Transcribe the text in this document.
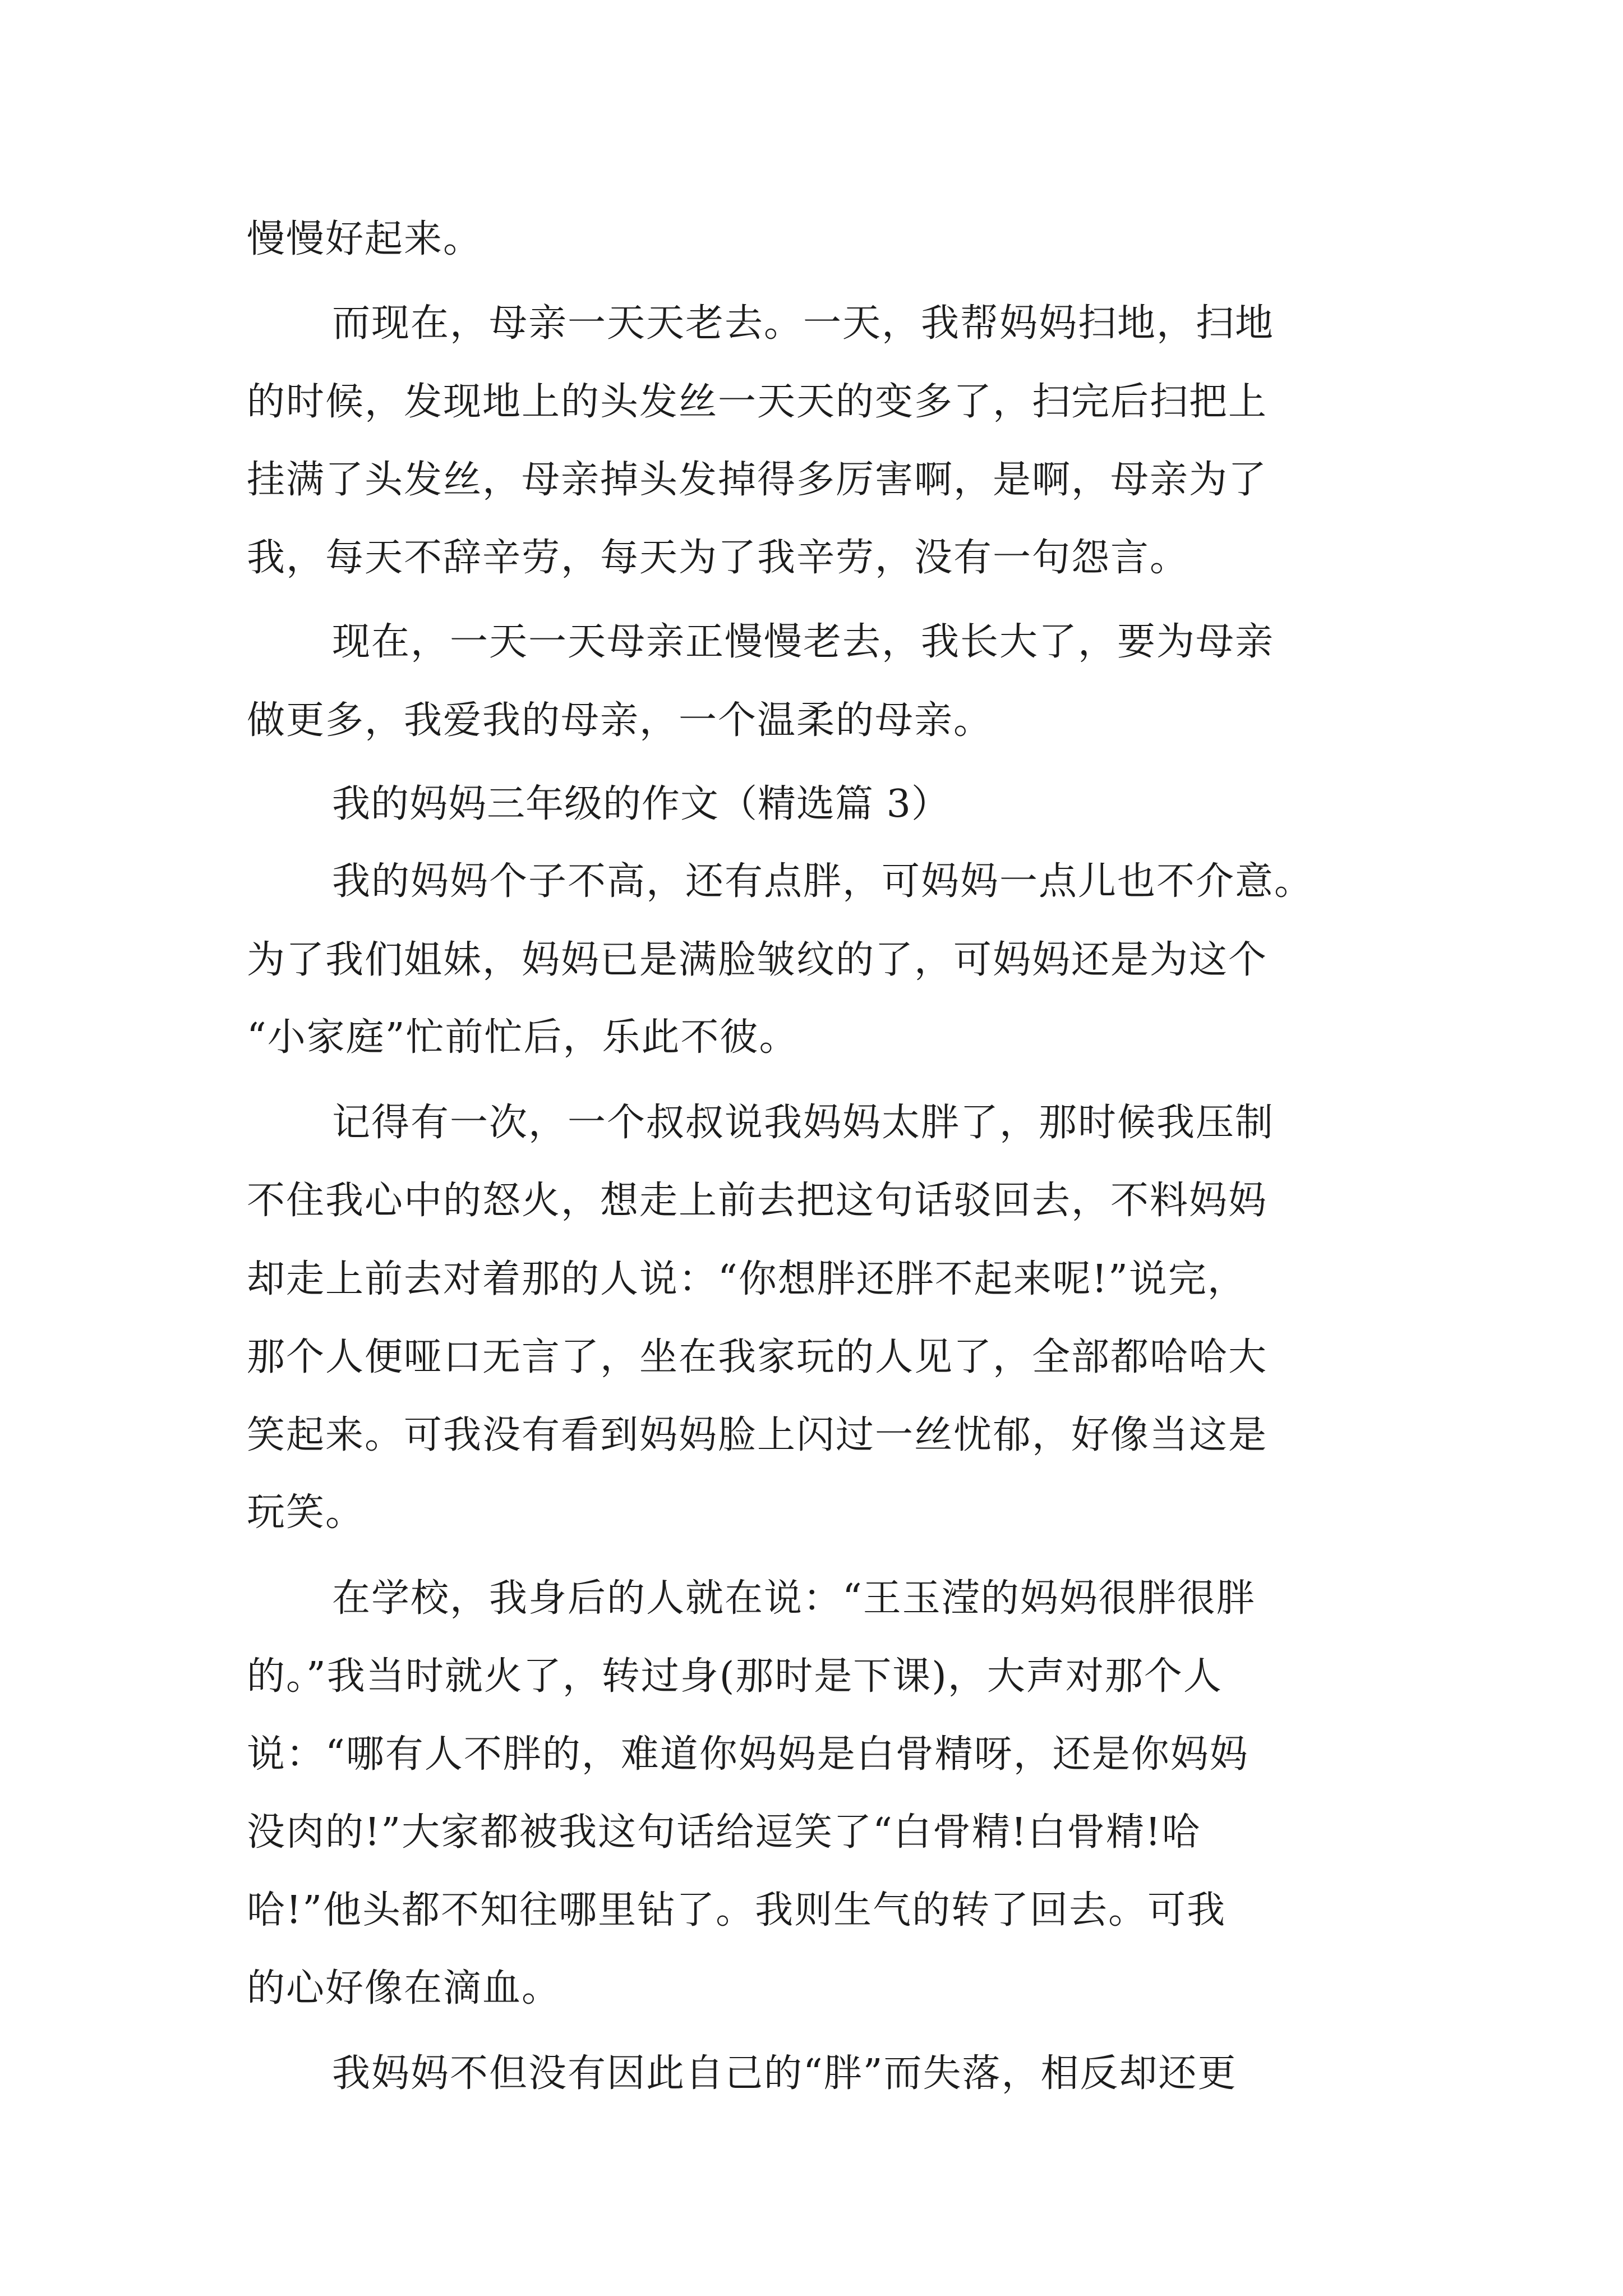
慢慢好起来。
而现在，母亲一天天老去。一天，我帮妈妈扫地，扫地
的时候，发现地上的头发丝一天天的变多了，扫完后扫把上
挂满了头发丝，母亲掉头发掉得多厉害啊，是啊，母亲为了
我，每天不辞辛劳，每天为了我辛劳，没有一句怨言。
现在，一天一天母亲正慢慢老去，我长大了，要为母亲
做更多，我爱我的母亲，一个温柔的母亲。
我的妈妈三年级的作文（精选篇 3）
我的妈妈个子不高，还有点胖，可妈妈一点儿也不介意。
为了我们姐妹，妈妈已是满脸皱纹的了，可妈妈还是为这个
“小家庭”忙前忙后，乐此不彼。
记得有一次，一个叔叔说我妈妈太胖了，那时候我压制
不住我心中的怒火，想走上前去把这句话驳回去，不料妈妈
却走上前去对着那的人说：“你想胖还胖不起来呢!”说完，
那个人便哑口无言了，坐在我家玩的人见了，全部都哈哈大
笑起来。可我没有看到妈妈脸上闪过一丝忧郁，好像当这是
玩笑。
在学校，我身后的人就在说：“王玉滢的妈妈很胖很胖
的。”我当时就火了，转过身(那时是下课)，大声对那个人
说：“哪有人不胖的，难道你妈妈是白骨精呀，还是你妈妈
没肉的!”大家都被我这句话给逗笑了“白骨精!白骨精!哈
哈!”他头都不知往哪里钻了。我则生气的转了回去。可我
的心好像在滴血。
我妈妈不但没有因此自己的“胖”而失落，相反却还更
